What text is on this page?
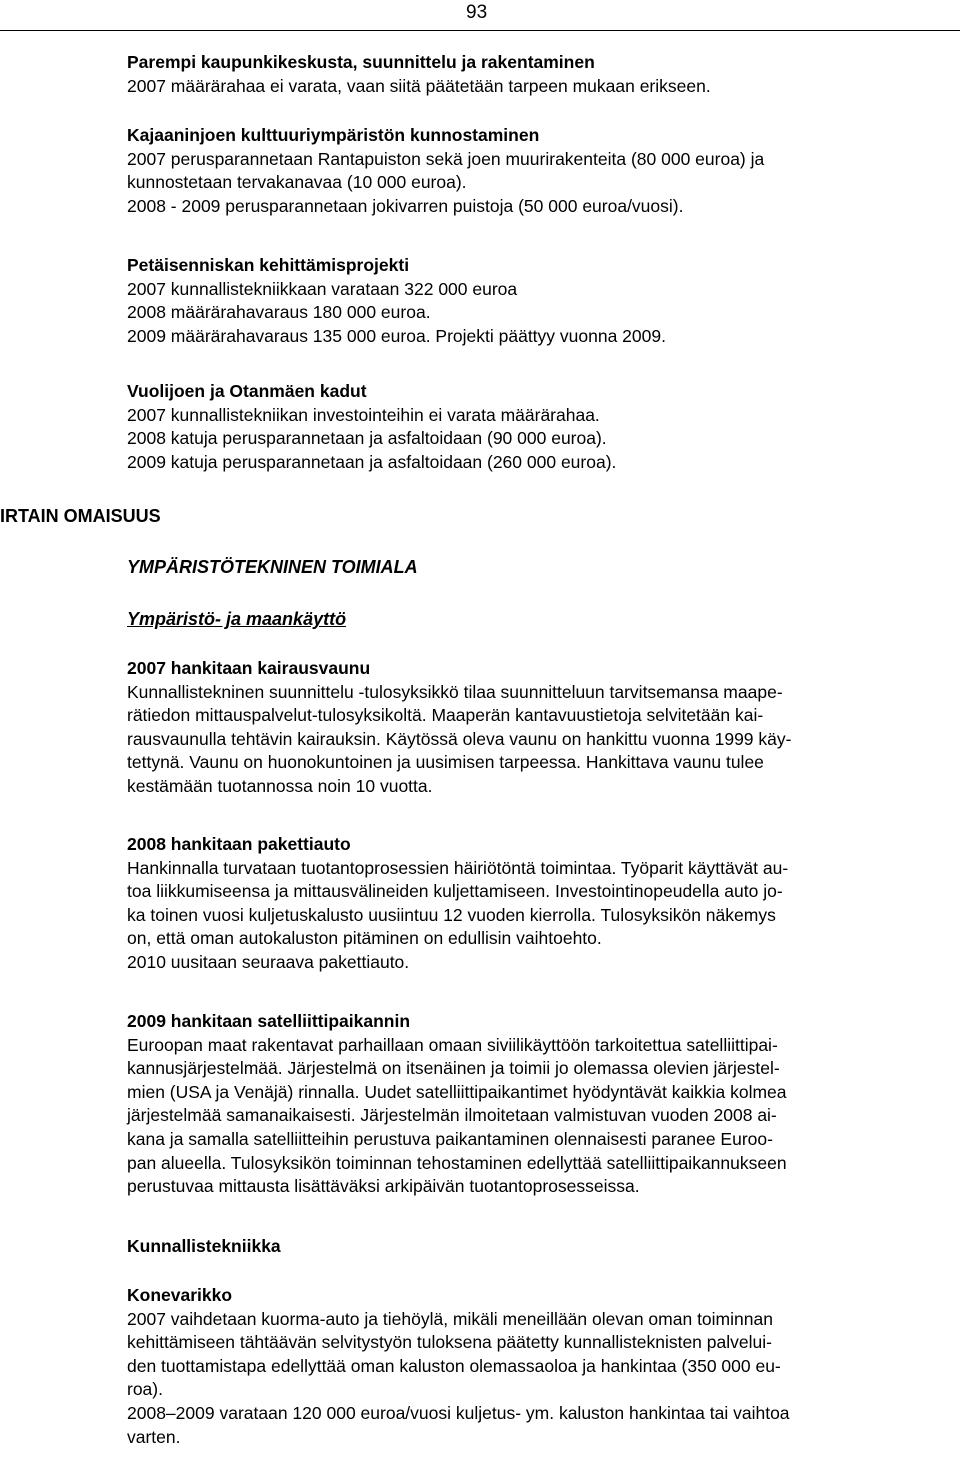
93
IRTAIN OMAISUUS
Parempi kaupunkikeskusta, suunnittelu ja rakentaminen
2007 määrärahaa ei varata, vaan siitä päätetään tarpeen mukaan erikseen.
Kajaaninjoen kulttuuriympäristön kunnostaminen
2007 perusparannetaan Rantapuiston sekä joen muurirakenteita (80 000 euroa) ja
kunnostetaan tervakanavaa (10 000 euroa).
2008 - 2009 perusparannetaan jokivarren puistoja (50 000 euroa/vuosi).
Petäisenniskan kehittämisprojekti
2007 kunnallistekniikkaan varataan 322 000 euroa
2008 määrärahavaraus 180 000 euroa.
2009 määrärahavaraus 135 000 euroa. Projekti päättyy vuonna 2009.
Vuolijoen ja Otanmäen kadut
2007 kunnallistekniikan investointeihin ei varata määrärahaa.
2008 katuja perusparannetaan ja asfaltoidaan (90 000 euroa).
2009 katuja perusparannetaan ja asfaltoidaan (260 000 euroa).
YMPÄRISTÖTEKNINEN TOIMIALA
Ympäristö- ja maankäyttö
2007 hankitaan kairausvaunu
Kunnallistekninen suunnittelu -tulosyksikkö tilaa suunnitteluun tarvitsemansa maape-
rätiedon mittauspalvelut-tulosyksikoltä. Maaperän kantavuustietoja selvitetään kai-
rausvaunulla tehtävin kairauksin. Käytössä oleva vaunu on hankittu vuonna 1999 käy-
tettynä. Vaunu on huonokuntoinen ja uusimisen tarpeessa. Hankittava vaunu tulee
kestämään tuotannossa noin 10 vuotta.
2008 hankitaan pakettiauto
Hankinnalla turvataan tuotantoprosessien häiriötöntä toimintaa. Työparit käyttävät au-
toa liikkumiseensa ja mittausvälineiden kuljettamiseen. Investointinopeudella auto jo-
ka toinen vuosi kuljetuskalusto uusiintuu 12 vuoden kierrolla. Tulosyksikön näkemys
on, että oman autokaluston pitäminen on edullisin vaihtoehto.
2010 uusitaan seuraava pakettiauto.
2009 hankitaan satelliittipaikannin
Euroopan maat rakentavat parhaillaan omaan siviilikäyttöön tarkoitettua satelliittipai-
kannusjärjestelmää. Järjestelmä on itsenäinen ja toimii jo olemassa olevien järjestel-
mien (USA ja Venäjä) rinnalla. Uudet satelliittipaikantimet hyödyntävät kaikkia kolmea
järjestelmää samanaikaisesti. Järjestelmän ilmoitetaan valmistuvan vuoden 2008 ai-
kana ja samalla satelliitteihin perustuva paikantaminen olennaisesti paranee Euroo-
pan alueella. Tulosyksikön toiminnan tehostaminen edellyttää satelliittipaikannukseen
perustuvaa mittausta lisättäväksi arkipäivän tuotantoprosesseissa.
Kunnallistekniikka
Konevarikko
2007 vaihdetaan kuorma-auto ja tiehöylä, mikäli meneillään olevan oman toiminnan
kehittämiseen tähtäävän selvitystyön tuloksena päätetty kunnallisteknisten palvelui-
den tuottamistapa edellyttää oman kaluston olemassaoloa ja hankintaa (350 000 eu-
roa).
2008–2009 varataan 120 000 euroa/vuosi kuljetus- ym. kaluston hankintaa tai vaihtoa
varten.
